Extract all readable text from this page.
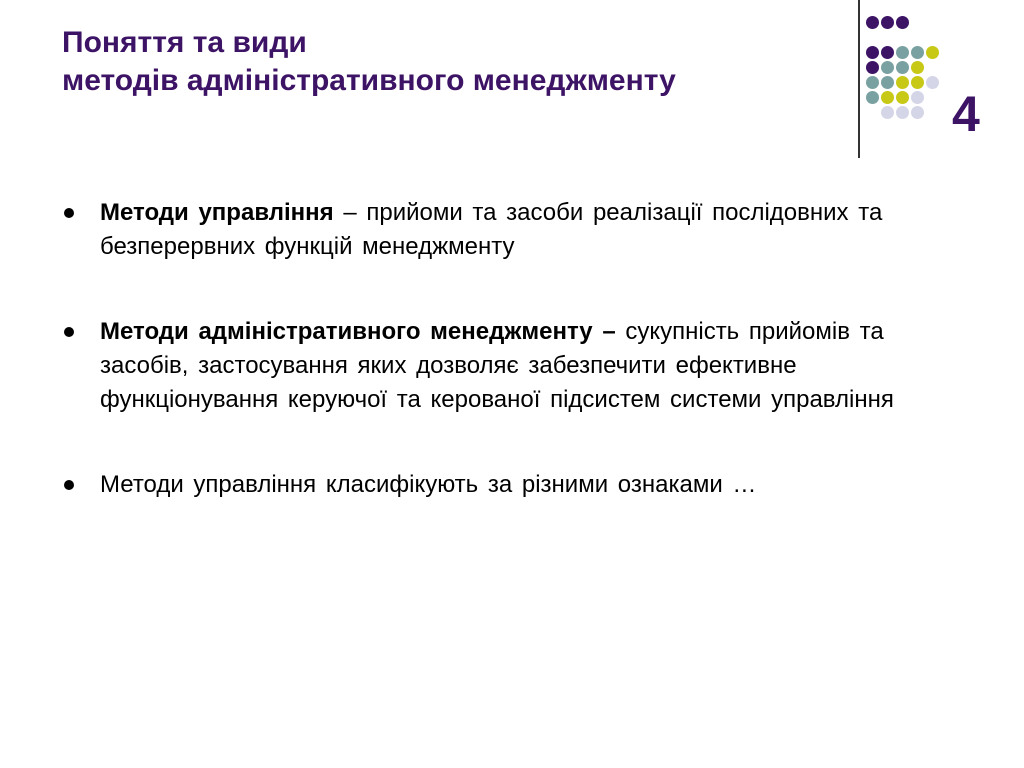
Поняття та види
методів адміністративного менеджменту
4
Методи управління – прийоми та засоби реалізації послідовних та безперервних функцій менеджменту
Методи адміністративного менеджменту – сукупність прийомів та засобів, застосування яких дозволяє забезпечити ефективне функціонування керуючої та керованої підсистем системи управління
Методи управління класифікують за різними ознаками …
